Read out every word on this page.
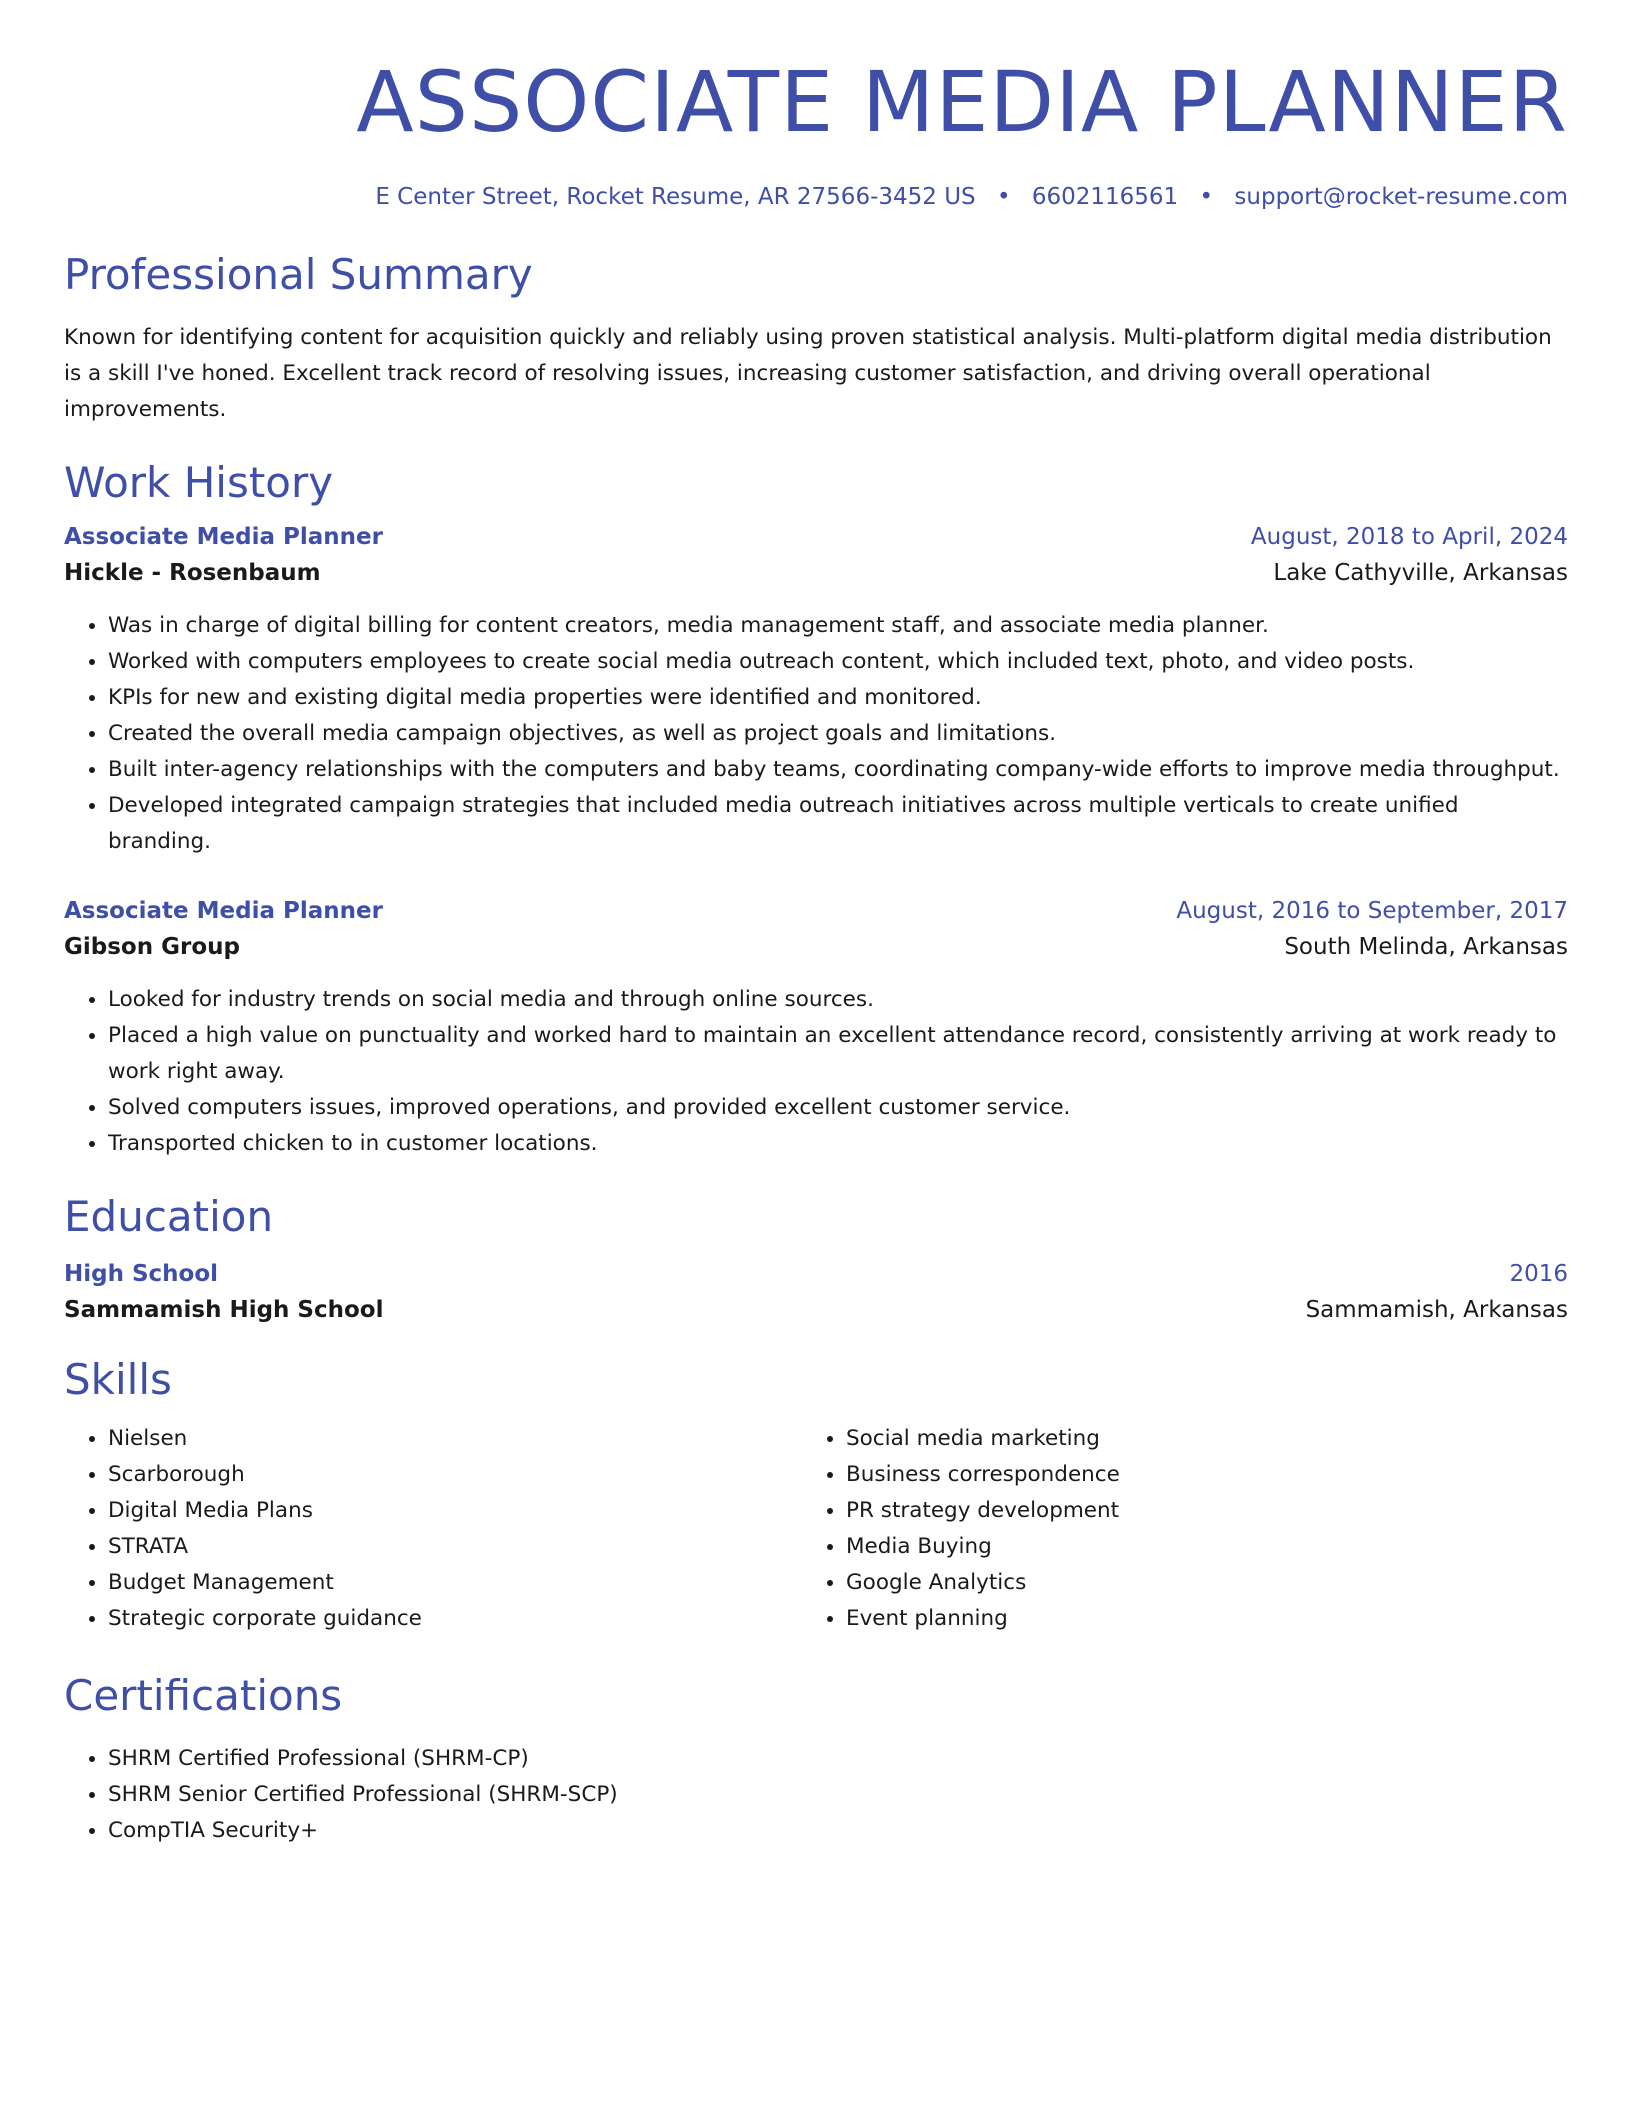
ASSOCIATE MEDIA PLANNER
E Center Street, Rocket Resume, AR 27566-3452 US • 6602116561 • support@rocket-resume.com
Professional Summary
Known for identifying content for acquisition quickly and reliably using proven statistical analysis. Multi-platform digital media distribution is a skill I've honed. Excellent track record of resolving issues, increasing customer satisfaction, and driving overall operational improvements.
Work History
Associate Media Planner	August, 2018 to April, 2024
Hickle - Rosenbaum	Lake Cathyville, Arkansas
• Was in charge of digital billing for content creators, media management staff, and associate media planner.
• Worked with computers employees to create social media outreach content, which included text, photo, and video posts.
• KPIs for new and existing digital media properties were identified and monitored.
• Created the overall media campaign objectives, as well as project goals and limitations.
• Built inter-agency relationships with the computers and baby teams, coordinating company-wide efforts to improve media throughput.
• Developed integrated campaign strategies that included media outreach initiatives across multiple verticals to create unified branding.
Associate Media Planner	August, 2016 to September, 2017
Gibson Group	South Melinda, Arkansas
• Looked for industry trends on social media and through online sources.
• Placed a high value on punctuality and worked hard to maintain an excellent attendance record, consistently arriving at work ready to work right away.
• Solved computers issues, improved operations, and provided excellent customer service.
• Transported chicken to in customer locations.
Education
High School	2016
Sammamish High School	Sammamish, Arkansas
Skills
• Nielsen
• Scarborough
• Digital Media Plans
• STRATA
• Budget Management
• Strategic corporate guidance
• Social media marketing
• Business correspondence
• PR strategy development
• Media Buying
• Google Analytics
• Event planning
Certifications
• SHRM Certified Professional (SHRM-CP)
• SHRM Senior Certified Professional (SHRM-SCP)
• CompTIA Security+
